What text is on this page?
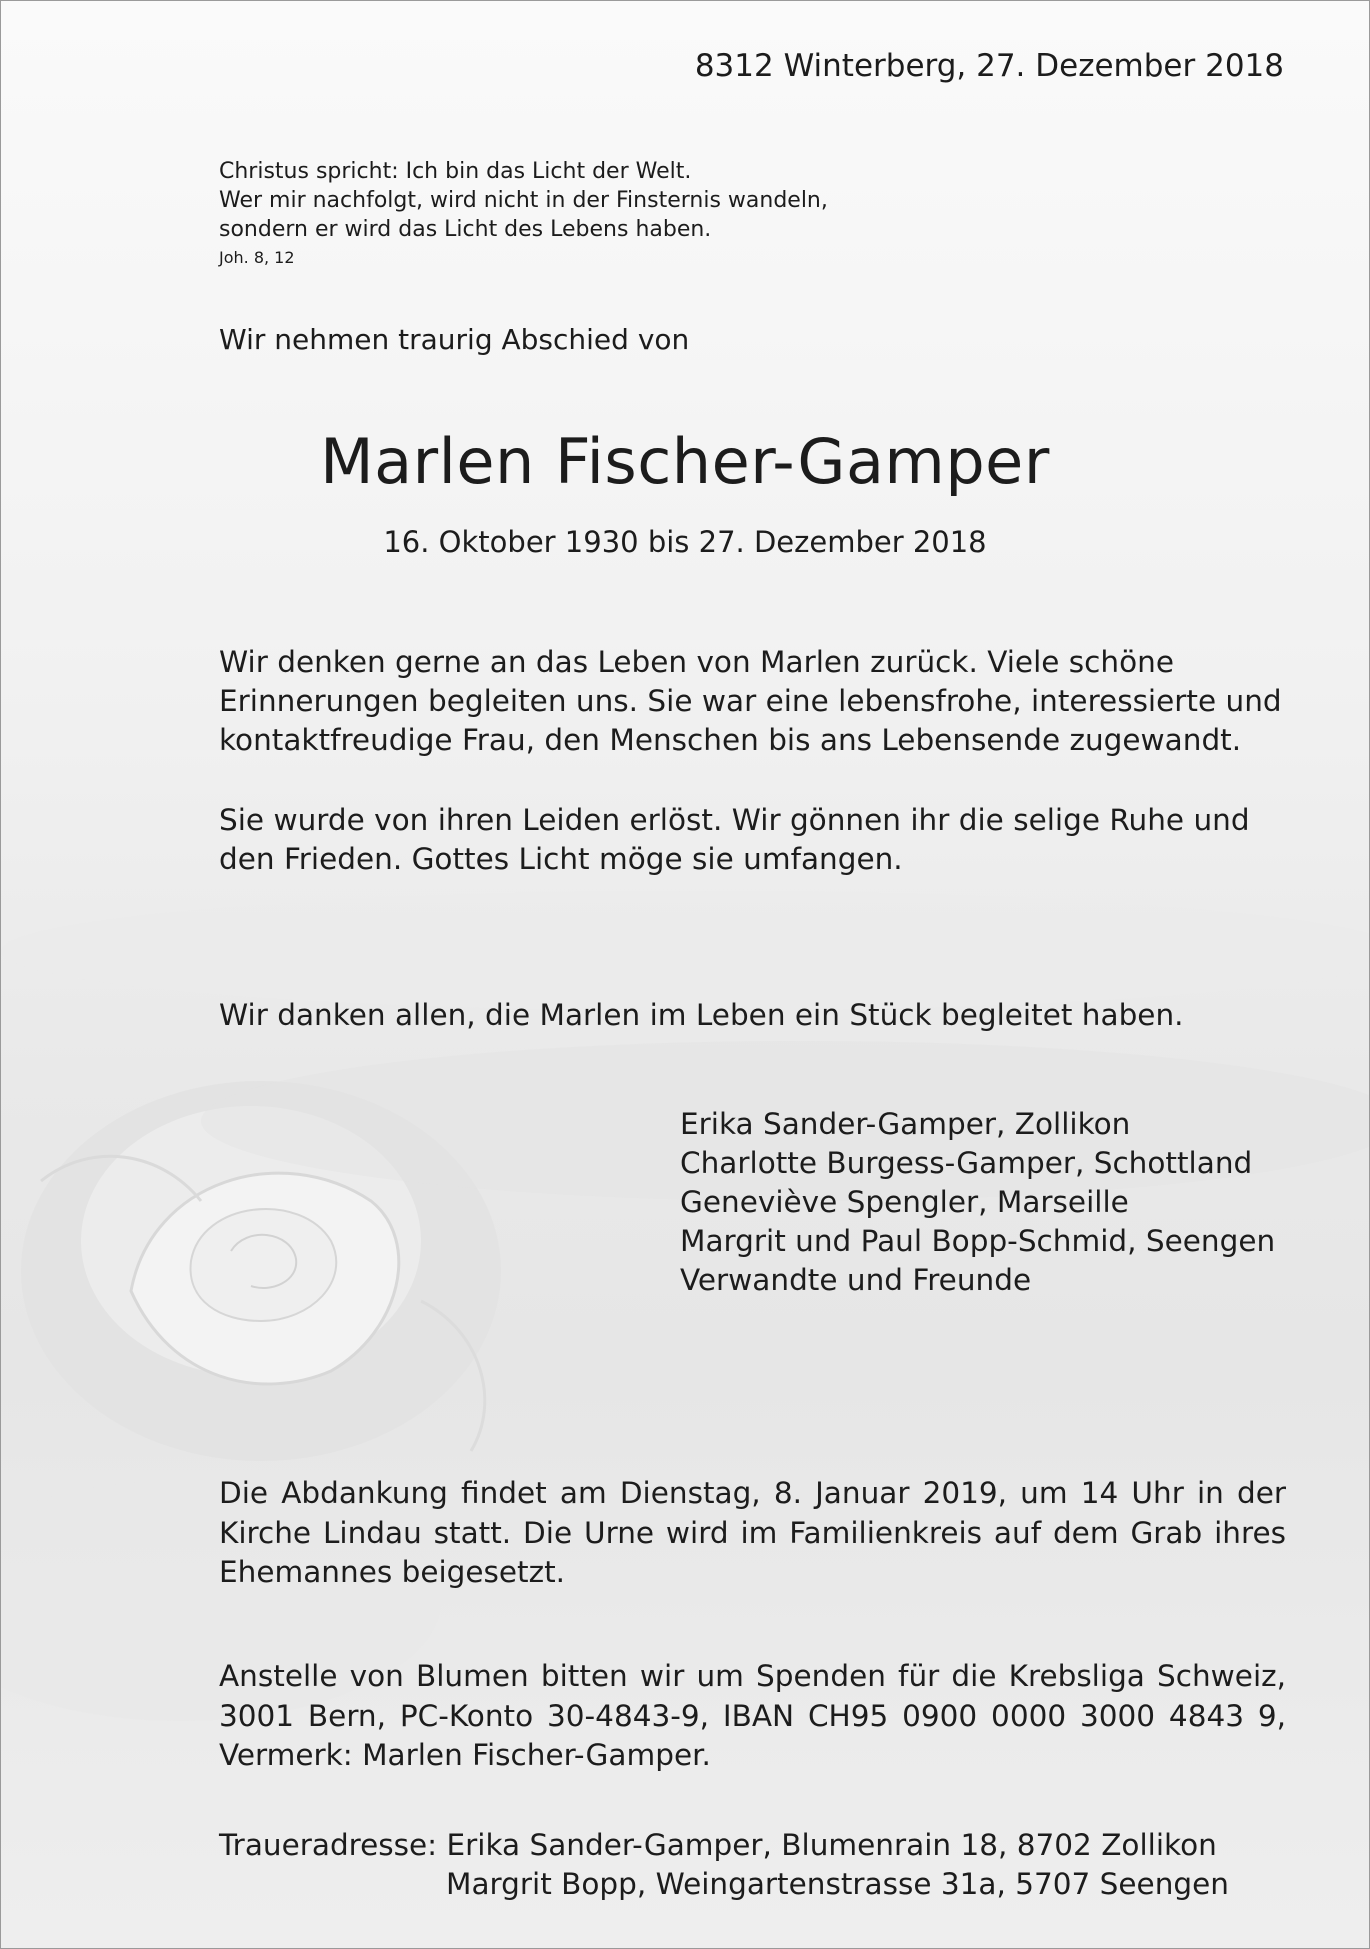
8312 Winterberg, 27. Dezember 2018
Christus spricht: Ich bin das Licht der Welt.
Wer mir nachfolgt, wird nicht in der Finsternis wandeln,
sondern er wird das Licht des Lebens haben.
Joh. 8, 12
Wir nehmen traurig Abschied von
Marlen Fischer-Gamper
16. Oktober 1930 bis 27. Dezember 2018
Wir denken gerne an das Leben von Marlen zurück. Viele schöne
Erinnerungen begleiten uns. Sie war eine lebensfrohe, interessierte und
kontaktfreudige Frau, den Menschen bis ans Lebensende zugewandt.
Sie wurde von ihren Leiden erlöst. Wir gönnen ihr die selige Ruhe und
den Frieden. Gottes Licht möge sie umfangen.
Wir danken allen, die Marlen im Leben ein Stück begleitet haben.
Erika Sander-Gamper, Zollikon
Charlotte Burgess-Gamper, Schottland
Geneviève Spengler, Marseille
Margrit und Paul Bopp-Schmid, Seengen
Verwandte und Freunde
Die Abdankung findet am Dienstag, 8. Januar 2019, um 14 Uhr in der
Kirche Lindau statt. Die Urne wird im Familienkreis auf dem Grab ihres
Ehemannes beigesetzt.
Anstelle von Blumen bitten wir um Spenden für die Krebsliga Schweiz,
3001 Bern, PC-Konto 30-4843-9, IBAN CH95 0900 0000 3000 4843 9,
Vermerk: Marlen Fischer-Gamper.
Traueradresse: Erika Sander-Gamper, Blumenrain 18, 8702 Zollikon
Margrit Bopp, Weingartenstrasse 31a, 5707 Seengen
